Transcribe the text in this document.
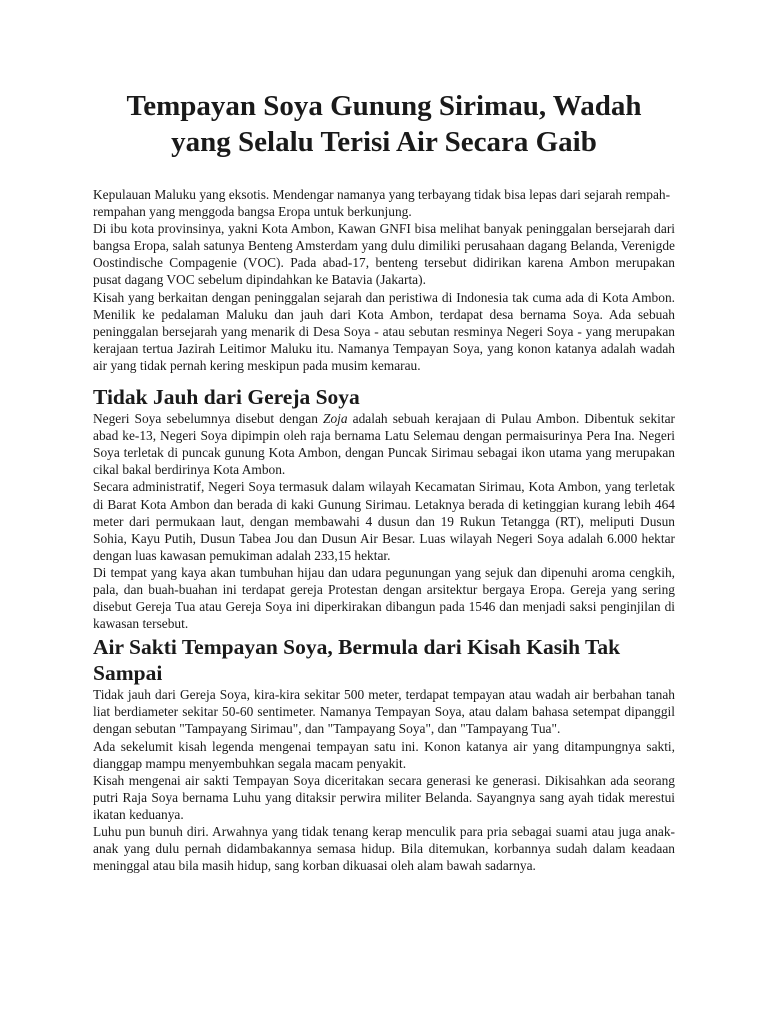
Tempayan Soya Gunung Sirimau, Wadah yang Selalu Terisi Air Secara Gaib

Kepulauan Maluku yang eksotis. Mendengar namanya yang terbayang tidak bisa lepas dari sejarah rempah-rempahan yang menggoda bangsa Eropa untuk berkunjung.

Di ibu kota provinsinya, yakni Kota Ambon, Kawan GNFI bisa melihat banyak peninggalan bersejarah dari bangsa Eropa, salah satunya Benteng Amsterdam yang dulu dimiliki perusahaan dagang Belanda, Verenigde Oostindische Compagenie (VOC). Pada abad-17, benteng tersebut didirikan karena Ambon merupakan pusat dagang VOC sebelum dipindahkan ke Batavia (Jakarta).

Kisah yang berkaitan dengan peninggalan sejarah dan peristiwa di Indonesia tak cuma ada di Kota Ambon. Menilik ke pedalaman Maluku dan jauh dari Kota Ambon, terdapat desa bernama Soya. Ada sebuah peninggalan bersejarah yang menarik di Desa Soya - atau sebutan resminya Negeri Soya - yang merupakan kerajaan tertua Jazirah Leitimor Maluku itu. Namanya Tempayan Soya, yang konon katanya adalah wadah air yang tidak pernah kering meskipun pada musim kemarau.

Tidak Jauh dari Gereja Soya

Negeri Soya sebelumnya disebut dengan Zoja adalah sebuah kerajaan di Pulau Ambon. Dibentuk sekitar abad ke-13, Negeri Soya dipimpin oleh raja bernama Latu Selemau dengan permaisurinya Pera Ina. Negeri Soya terletak di puncak gunung Kota Ambon, dengan Puncak Sirimau sebagai ikon utama yang merupakan cikal bakal berdirinya Kota Ambon.

Secara administratif, Negeri Soya termasuk dalam wilayah Kecamatan Sirimau, Kota Ambon, yang terletak di Barat Kota Ambon dan berada di kaki Gunung Sirimau. Letaknya berada di ketinggian kurang lebih 464 meter dari permukaan laut, dengan membawahi 4 dusun dan 19 Rukun Tetangga (RT), meliputi Dusun Sohia, Kayu Putih, Dusun Tabea Jou dan Dusun Air Besar. Luas wilayah Negeri Soya adalah 6.000 hektar dengan luas kawasan pemukiman adalah 233,15 hektar.

Di tempat yang kaya akan tumbuhan hijau dan udara pegunungan yang sejuk dan dipenuhi aroma cengkih, pala, dan buah-buahan ini terdapat gereja Protestan dengan arsitektur bergaya Eropa. Gereja yang sering disebut Gereja Tua atau Gereja Soya ini diperkirakan dibangun pada 1546 dan menjadi saksi penginjilan di kawasan tersebut.

Air Sakti Tempayan Soya, Bermula dari Kisah Kasih Tak Sampai

Tidak jauh dari Gereja Soya, kira-kira sekitar 500 meter, terdapat tempayan atau wadah air berbahan tanah liat berdiameter sekitar 50-60 sentimeter. Namanya Tempayan Soya, atau dalam bahasa setempat dipanggil dengan sebutan "Tampayang Sirimau", dan "Tampayang Soya", dan "Tampayang Tua".

Ada sekelumit kisah legenda mengenai tempayan satu ini. Konon katanya air yang ditampungnya sakti, dianggap mampu menyembuhkan segala macam penyakit.

Kisah mengenai air sakti Tempayan Soya diceritakan secara generasi ke generasi. Dikisahkan ada seorang putri Raja Soya bernama Luhu yang ditaksir perwira militer Belanda. Sayangnya sang ayah tidak merestui ikatan keduanya.

Luhu pun bunuh diri. Arwahnya yang tidak tenang kerap menculik para pria sebagai suami atau juga anak-anak yang dulu pernah didambakannya semasa hidup. Bila ditemukan, korbannya sudah dalam keadaan meninggal atau bila masih hidup, sang korban dikuasai oleh alam bawah sadarnya.
